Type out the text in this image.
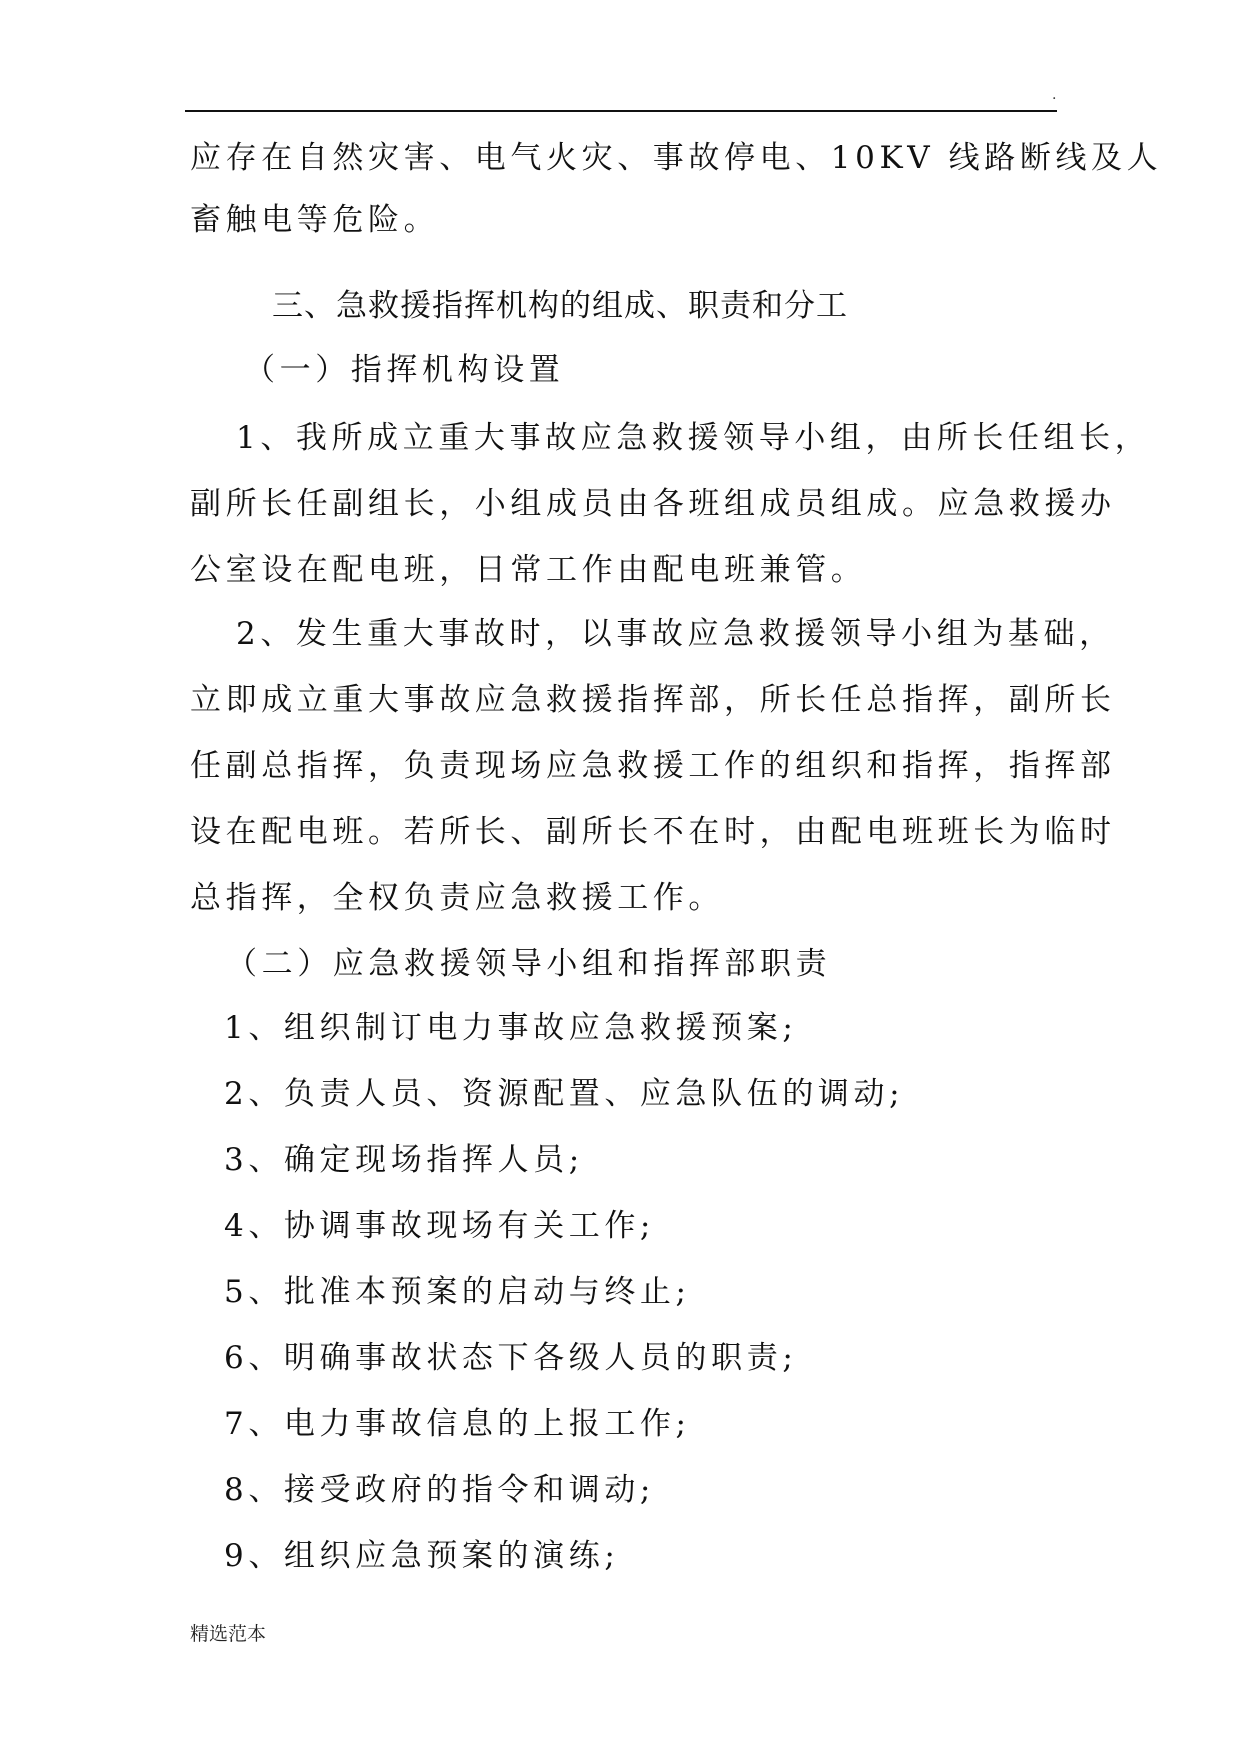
.

应存在自然灾害、电气火灾、事故停电、10KV 线路断线及人

畜触电等危险。

三、急救援指挥机构的组成、职责和分工

（一）指挥机构设置

1、我所成立重大事故应急救援领导小组，由所长任组长，

副所长任副组长，小组成员由各班组成员组成。应急救援办

公室设在配电班，日常工作由配电班兼管。

2、发生重大事故时，以事故应急救援领导小组为基础，

立即成立重大事故应急救援指挥部，所长任总指挥，副所长

任副总指挥，负责现场应急救援工作的组织和指挥，指挥部

设在配电班。若所长、副所长不在时，由配电班班长为临时

总指挥，全权负责应急救援工作。

（二）应急救援领导小组和指挥部职责

1、组织制订电力事故应急救援预案;

2、负责人员、资源配置、应急队伍的调动;

3、确定现场指挥人员;

4、协调事故现场有关工作;

5、批准本预案的启动与终止;

6、明确事故状态下各级人员的职责;

7、电力事故信息的上报工作;

8、接受政府的指令和调动;

9、组织应急预案的演练;

精选范本
